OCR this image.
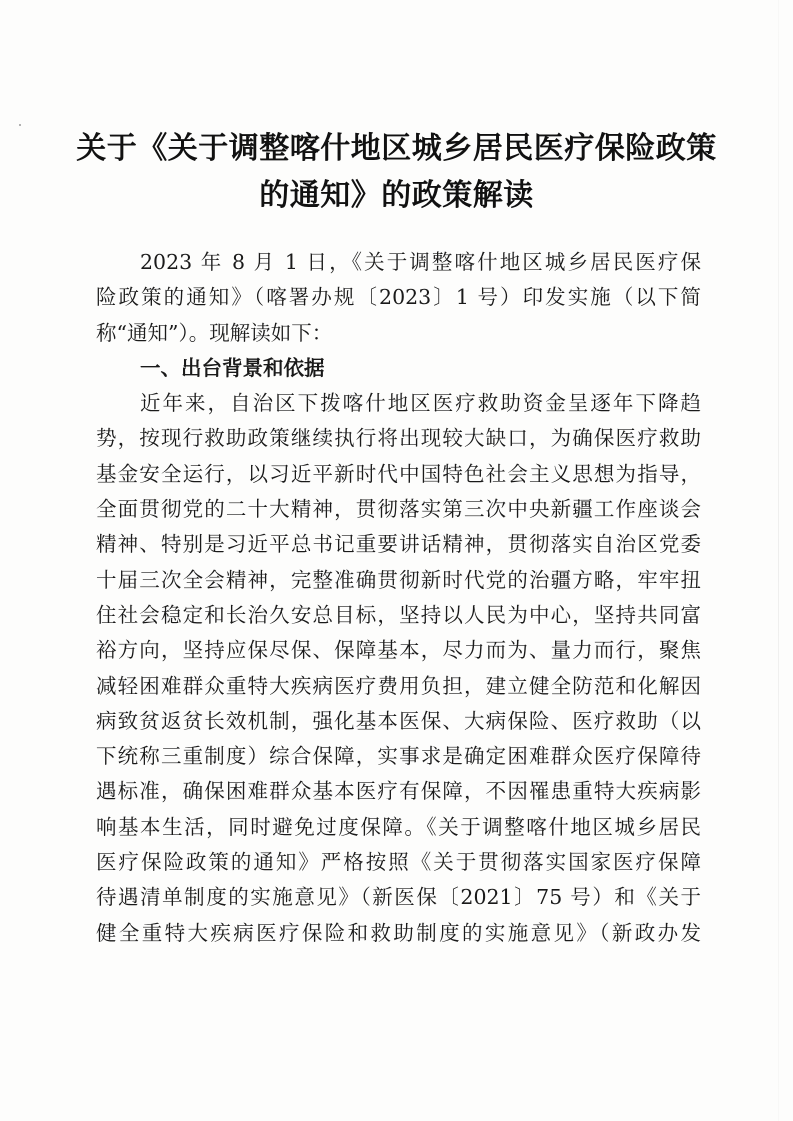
关于《关于调整喀什地区城乡居民医疗保险政策
的通知》的政策解读
2023 年 8 月 1 日，《关于调整喀什地区城乡居民医疗保
险政策的通知》（喀署办规〔2023〕1 号）印发实施（以下简
称“通知”）。现解读如下：
一、出台背景和依据
近年来，自治区下拨喀什地区医疗救助资金呈逐年下降趋
势，按现行救助政策继续执行将出现较大缺口，为确保医疗救助
基金安全运行，以习近平新时代中国特色社会主义思想为指导，
全面贯彻党的二十大精神，贯彻落实第三次中央新疆工作座谈会
精神、特别是习近平总书记重要讲话精神，贯彻落实自治区党委
十届三次全会精神，完整准确贯彻新时代党的治疆方略，牢牢扭
住社会稳定和长治久安总目标，坚持以人民为中心，坚持共同富
裕方向，坚持应保尽保、保障基本，尽力而为、量力而行，聚焦
减轻困难群众重特大疾病医疗费用负担，建立健全防范和化解因
病致贫返贫长效机制，强化基本医保、大病保险、医疗救助（以
下统称三重制度）综合保障，实事求是确定困难群众医疗保障待
遇标准，确保困难群众基本医疗有保障，不因罹患重特大疾病影
响基本生活，同时避免过度保障。《关于调整喀什地区城乡居民
医疗保险政策的通知》严格按照《关于贯彻落实国家医疗保障
待遇清单制度的实施意见》（新医保〔2021〕75 号）和《关于
健全重特大疾病医疗保险和救助制度的实施意见》（新政办发
